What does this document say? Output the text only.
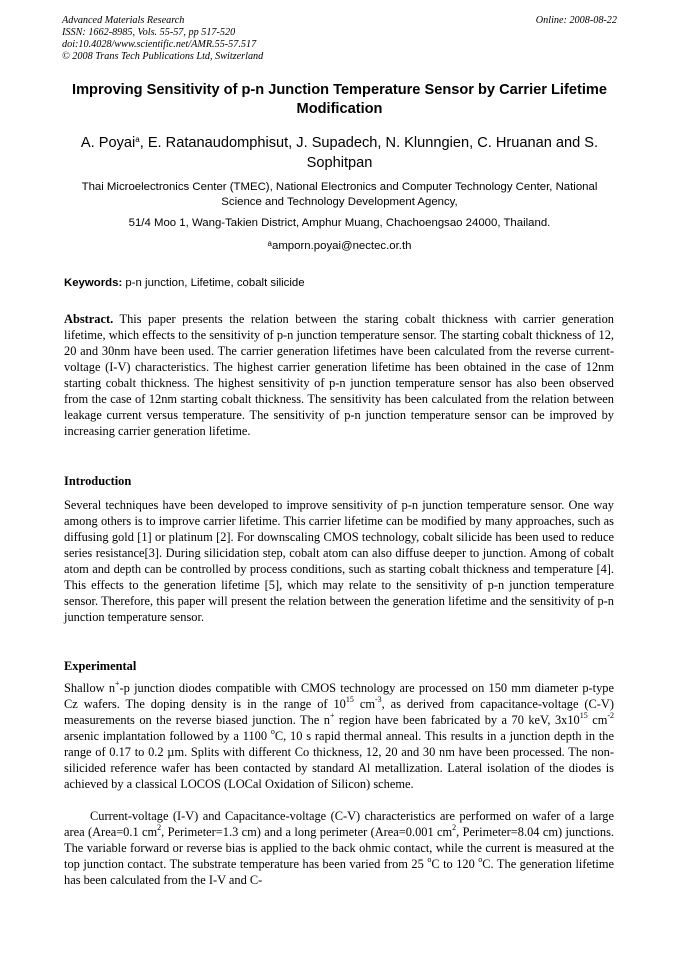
Advanced Materials Research
ISSN: 1662-8985, Vols. 55-57, pp 517-520
doi:10.4028/www.scientific.net/AMR.55-57.517
© 2008 Trans Tech Publications Ltd, Switzerland
Online: 2008-08-22
Improving Sensitivity of p-n Junction Temperature Sensor by Carrier Lifetime Modification
A. Poyai$^a$, E. Ratanaudomphisut, J. Supadech, N. Klunngien, C. Hruanan and S. Sophitpan
Thai Microelectronics Center (TMEC), National Electronics and Computer Technology Center, National Science and Technology Development Agency,
51/4 Moo 1, Wang-Takien District, Amphur Muang, Chachoengsao 24000, Thailand.
$^a$amporn.poyai@nectec.or.th
Keywords: p-n junction, Lifetime, cobalt silicide
Abstract. This paper presents the relation between the staring cobalt thickness with carrier generation lifetime, which effects to the sensitivity of p-n junction temperature sensor. The starting cobalt thickness of 12, 20 and 30nm have been used. The carrier generation lifetimes have been calculated from the reverse current-voltage (I-V) characteristics. The highest carrier generation lifetime has been obtained in the case of 12nm starting cobalt thickness. The highest sensitivity of p-n junction temperature sensor has also been observed from the case of 12nm starting cobalt thickness. The sensitivity has been calculated from the relation between leakage current versus temperature. The sensitivity of p-n junction temperature sensor can be improved by increasing carrier generation lifetime.
Introduction
Several techniques have been developed to improve sensitivity of p-n junction temperature sensor. One way among others is to improve carrier lifetime. This carrier lifetime can be modified by many approaches, such as diffusing gold [1] or platinum [2]. For downscaling CMOS technology, cobalt silicide has been used to reduce series resistance[3]. During silicidation step, cobalt atom can also diffuse deeper to junction. Among of cobalt atom and depth can be controlled by process conditions, such as starting cobalt thickness and temperature [4]. This effects to the generation lifetime [5], which may relate to the sensitivity of p-n junction temperature sensor. Therefore, this paper will present the relation between the generation lifetime and the sensitivity of p-n junction temperature sensor.
Experimental
Shallow n+-p junction diodes compatible with CMOS technology are processed on 150 mm diameter p-type Cz wafers. The doping density is in the range of $10^{15}$ $cm^{-3}$, as derived from capacitance-voltage (C-V) measurements on the reverse biased junction. The n+ region have been fabricated by a 70 keV, $3x10^{15}$ $cm^{-2}$ arsenic implantation followed by a 1100 $^o$C, 10 s rapid thermal anneal. This results in a junction depth in the range of 0.17 to 0.2 µm. Splits with different Co thickness, 12, 20 and 30 nm have been processed. The non-silicided reference wafer has been contacted by standard Al metallization. Lateral isolation of the diodes is achieved by a classical LOCOS (LOCal Oxidation of Silicon) scheme.
Current-voltage (I-V) and Capacitance-voltage (C-V) characteristics are performed on wafer of a large area (Area=0.1 $cm^2$, Perimeter=1.3 cm) and a long perimeter (Area=0.001 $cm^2$, Perimeter=8.04 cm) junctions. The variable forward or reverse bias is applied to the back ohmic contact, while the current is measured at the top junction contact. The substrate temperature has been varied from 25 $^o$C to 120 $^o$C. The generation lifetime has been calculated from the I-V and C-
